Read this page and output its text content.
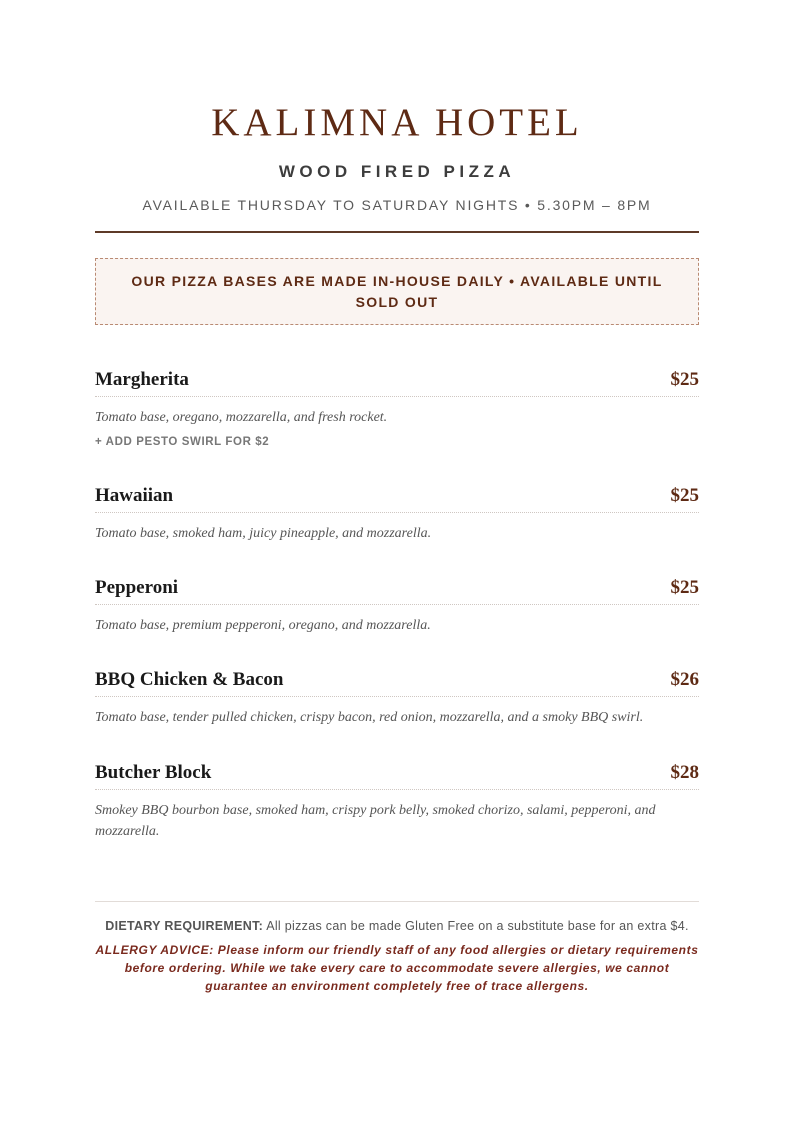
KALIMNA HOTEL
WOOD FIRED PIZZA
AVAILABLE THURSDAY TO SATURDAY NIGHTS • 5.30PM – 8PM
OUR PIZZA BASES ARE MADE IN-HOUSE DAILY • AVAILABLE UNTIL SOLD OUT
Margherita	$25
Tomato base, oregano, mozzarella, and fresh rocket.
+ ADD PESTO SWIRL FOR $2
Hawaiian	$25
Tomato base, smoked ham, juicy pineapple, and mozzarella.
Pepperoni	$25
Tomato base, premium pepperoni, oregano, and mozzarella.
BBQ Chicken & Bacon	$26
Tomato base, tender pulled chicken, crispy bacon, red onion, mozzarella, and a smoky BBQ swirl.
Butcher Block	$28
Smokey BBQ bourbon base, smoked ham, crispy pork belly, smoked chorizo, salami, pepperoni, and mozzarella.
DIETARY REQUIREMENT: All pizzas can be made Gluten Free on a substitute base for an extra $4.
ALLERGY ADVICE: Please inform our friendly staff of any food allergies or dietary requirements before ordering. While we take every care to accommodate severe allergies, we cannot guarantee an environment completely free of trace allergens.
